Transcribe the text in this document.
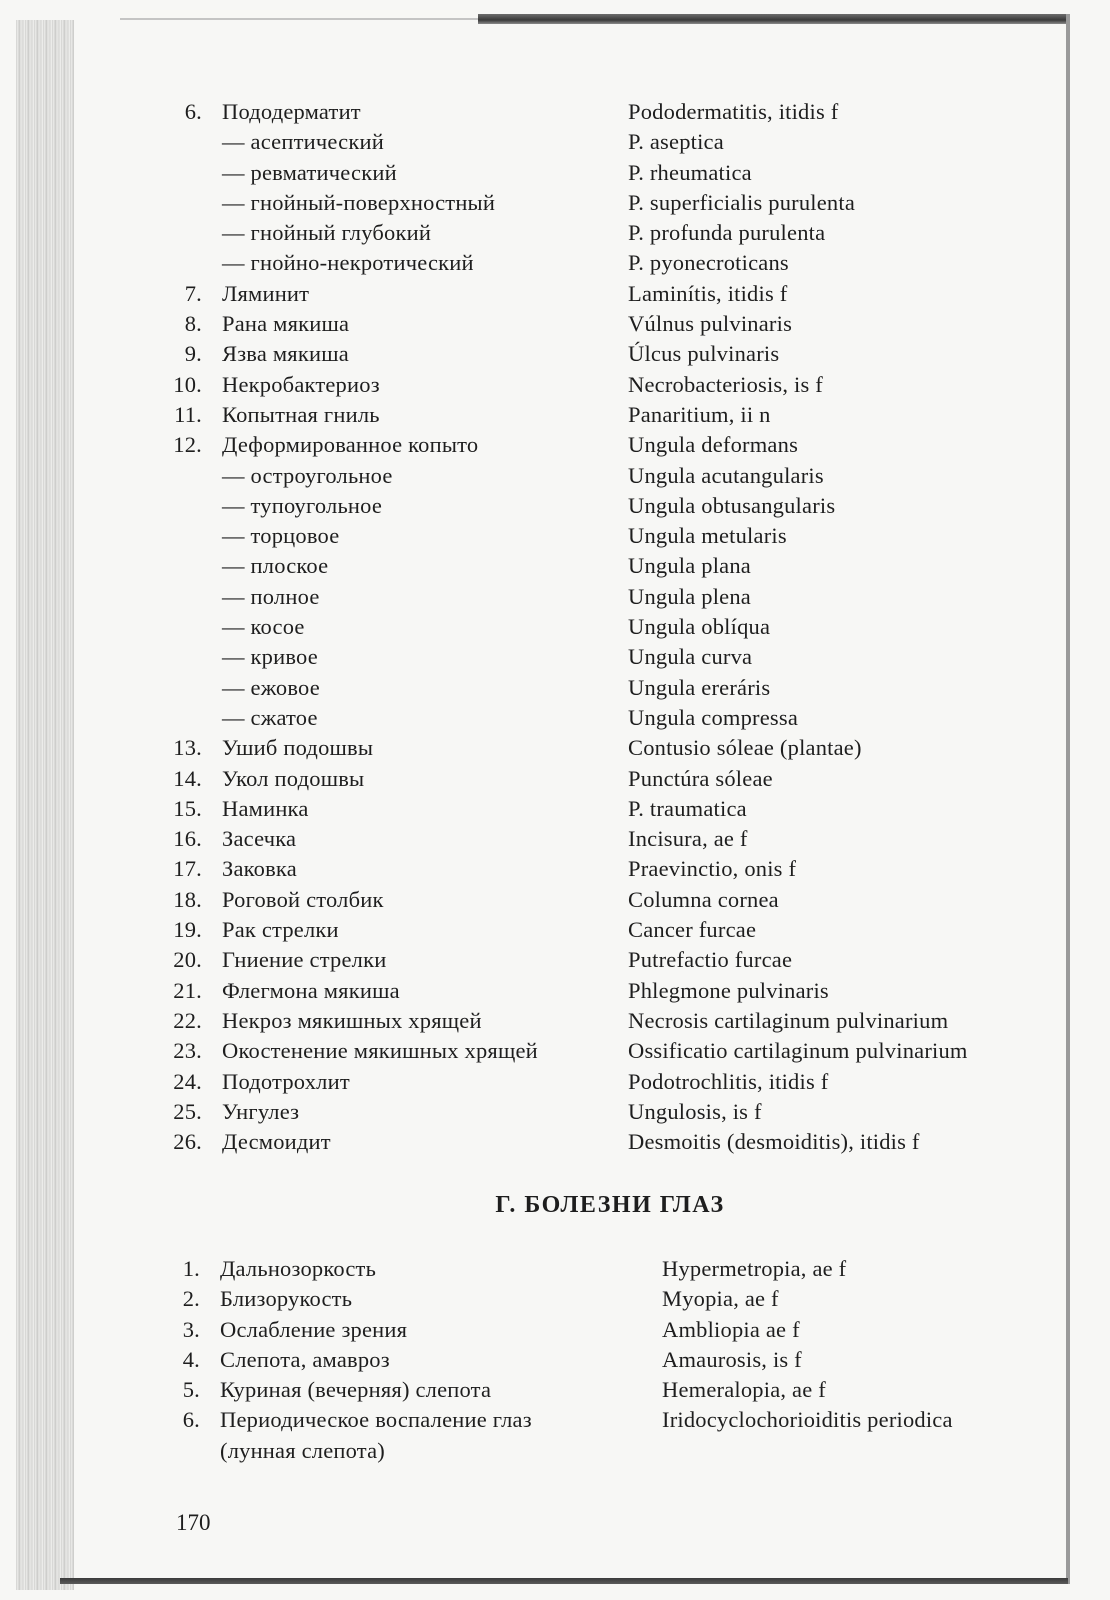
6. Пододерматит	Pododermatitis, itidis f
— асептический	P. aseptica
— ревматический	P. rheumatica
— гнойный-поверхностный	P. superficialis purulenta
— гнойный глубокий	P. profunda purulenta
— гнойно-некротический	P. pyonecroticans
7. Ляминит	Laminítis, itidis f
8. Рана мякиша	Vúlnus pulvinaris
9. Язва мякиша	Úlcus pulvinaris
10. Некробактериоз	Necrobacteriosis, is f
11. Копытная гниль	Panaritium, ii n
12. Деформированное копыто	Ungula deformans
— остроугольное	Ungula acutangularis
— тупоугольное	Ungula obtusangularis
— торцовое	Ungula metularis
— плоское	Ungula plana
— полное	Ungula plena
— косое	Ungula oblíqua
— кривое	Ungula curva
— ежовое	Ungula ereráris
— сжатое	Ungula compressa
13. Ушиб подошвы	Contusio sóleae (plantae)
14. Укол подошвы	Punctúra sóleae
15. Наминка	P. traumatica
16. Засечка	Incisura, ae f
17. Заковка	Praevinctio, onis f
18. Роговой столбик	Columna cornea
19. Рак стрелки	Cancer furcae
20. Гниение стрелки	Putrefactio furcae
21. Флегмона мякиша	Phlegmone pulvinaris
22. Некроз мякишных хрящей	Necrosis cartilaginum pulvinarium
23. Окостенение мякишных хрящей	Ossificatio cartilaginum pulvinarium
24. Подотрохлит	Podotrochlitis, itidis f
25. Унгулез	Ungulosis, is f
26. Десмоидит	Desmoitis (desmoiditis), itidis f
Г. БОЛЕЗНИ ГЛАЗ
1. Дальнозоркость	Hypermetropia, ae f
2. Близорукость	Myopia, ae f
3. Ослабление зрения	Ambliopia ae f
4. Слепота, амавроз	Amaurosis, is f
5. Куриная (вечерняя) слепота	Hemeralopia, ae f
6. Периодическое воспаление глаз	Iridocyclochorioiditis periodica
(лунная слепота)
170
